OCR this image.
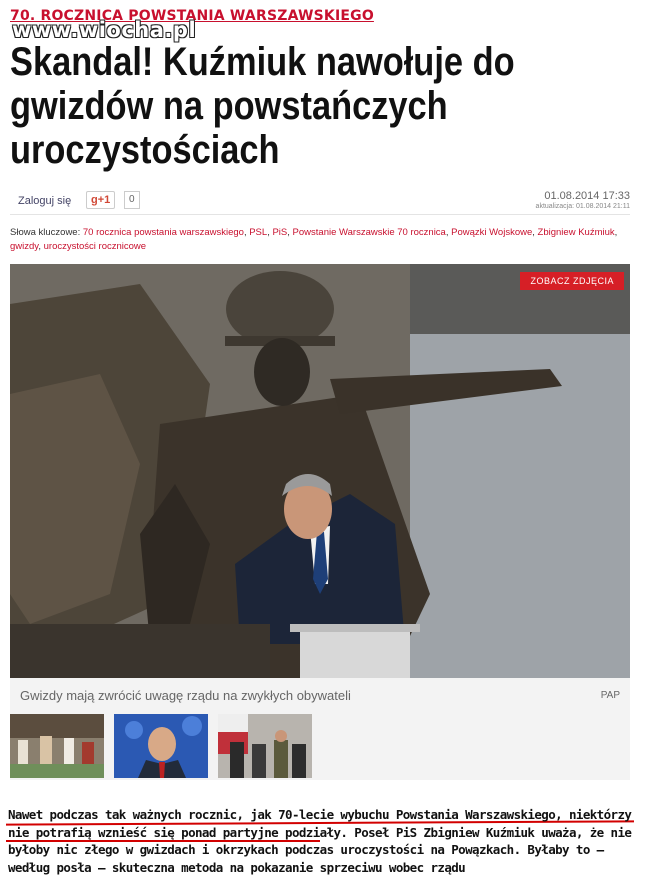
www.wiocha.pl
70. ROCZNICA POWSTANIA WARSZAWSKIEGO
Skandal! Kuźmiuk nawołuje do gwizdów na powstańczych uroczystościach
Zaloguj się	g+1	0	01.08.2014 17:33
aktualizacja: 01.08.2014 21:11
Słowa kluczowe: 70 rocznica powstania warszawskiego, PSL, PiS, Powstanie Warszawskie 70 rocznica, Powązki Wojskowe, Zbigniew Kuźmiuk, gwizdy, uroczystości rocznicowe
ZOBACZ ZDJĘCIA
Gwizdy mają zwrócić uwagę rządu na zwykłych obywateli	PAP

Nawet podczas tak ważnych rocznic, jak 70-lecie wybuchu Powstania Warszawskiego, niektórzy nie potrafią wznieść się ponad partyjne podziały. Poseł PiS Zbigniew Kuźmiuk uważa, że nie byłoby nic złego w gwizdach i okrzykach podczas uroczystości na Powązkach. Byłaby to – według posła – skuteczna metoda na pokazanie sprzeciwu wobec rządu
